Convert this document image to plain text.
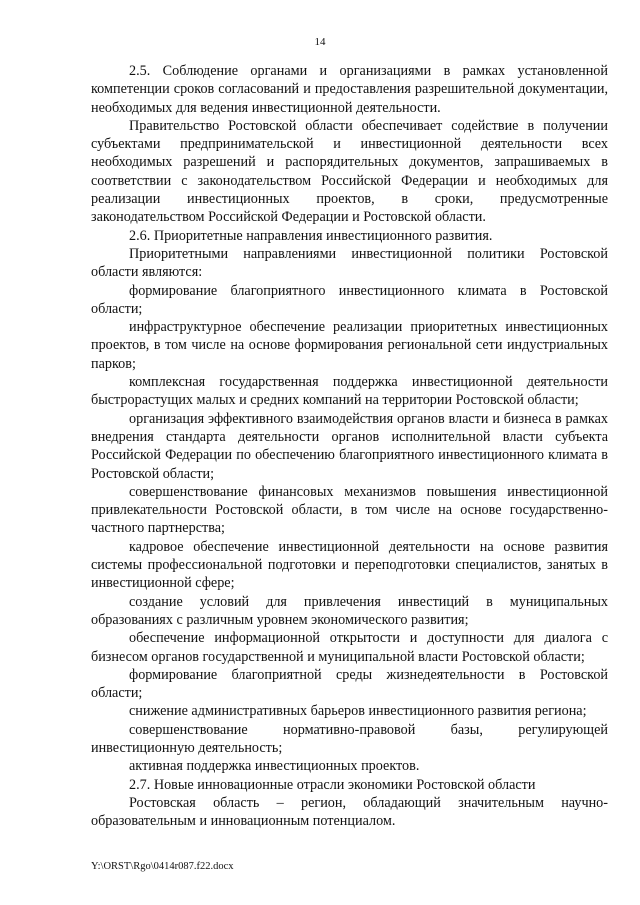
14

2.5. Соблюдение органами и организациями в рамках установленной компетенции сроков согласований и предоставления разрешительной документации, необходимых для ведения инвестиционной деятельности.

Правительство Ростовской области обеспечивает содействие в получении субъектами предпринимательской и инвестиционной деятельности всех необходимых разрешений и распорядительных документов, запрашиваемых в соответствии с законодательством Российской Федерации и необходимых для реализации инвестиционных проектов, в сроки, предусмотренные законодательством Российской Федерации и Ростовской области.

2.6. Приоритетные направления инвестиционного развития.

Приоритетными направлениями инвестиционной политики Ростовской области являются:

формирование благоприятного инвестиционного климата в Ростовской области;

инфраструктурное обеспечение реализации приоритетных инвестиционных проектов, в том числе на основе формирования региональной сети индустриальных парков;

комплексная государственная поддержка инвестиционной деятельности быстрорастущих малых и средних компаний на территории Ростовской области;

организация эффективного взаимодействия органов власти и бизнеса в рамках внедрения стандарта деятельности органов исполнительной власти субъекта Российской Федерации по обеспечению благоприятного инвестиционного климата в Ростовской области;

совершенствование финансовых механизмов повышения инвестиционной привлекательности Ростовской области, в том числе на основе государственно-частного партнерства;

кадровое обеспечение инвестиционной деятельности на основе развития системы профессиональной подготовки и переподготовки специалистов, занятых в инвестиционной сфере;

создание условий для привлечения инвестиций в муниципальных образованиях с различным уровнем экономического развития;

обеспечение информационной открытости и доступности для диалога с бизнесом органов государственной и муниципальной власти Ростовской области;

формирование благоприятной среды жизнедеятельности в Ростовской области;

снижение административных барьеров инвестиционного развития региона;

совершенствование нормативно-правовой базы, регулирующей инвестиционную деятельность;

активная поддержка инвестиционных проектов.

2.7. Новые инновационные отрасли экономики Ростовской области

Ростовская область – регион, обладающий значительным научно-образовательным и инновационным потенциалом.

Y:\ORST\Rgo\0414r087.f22.docx
